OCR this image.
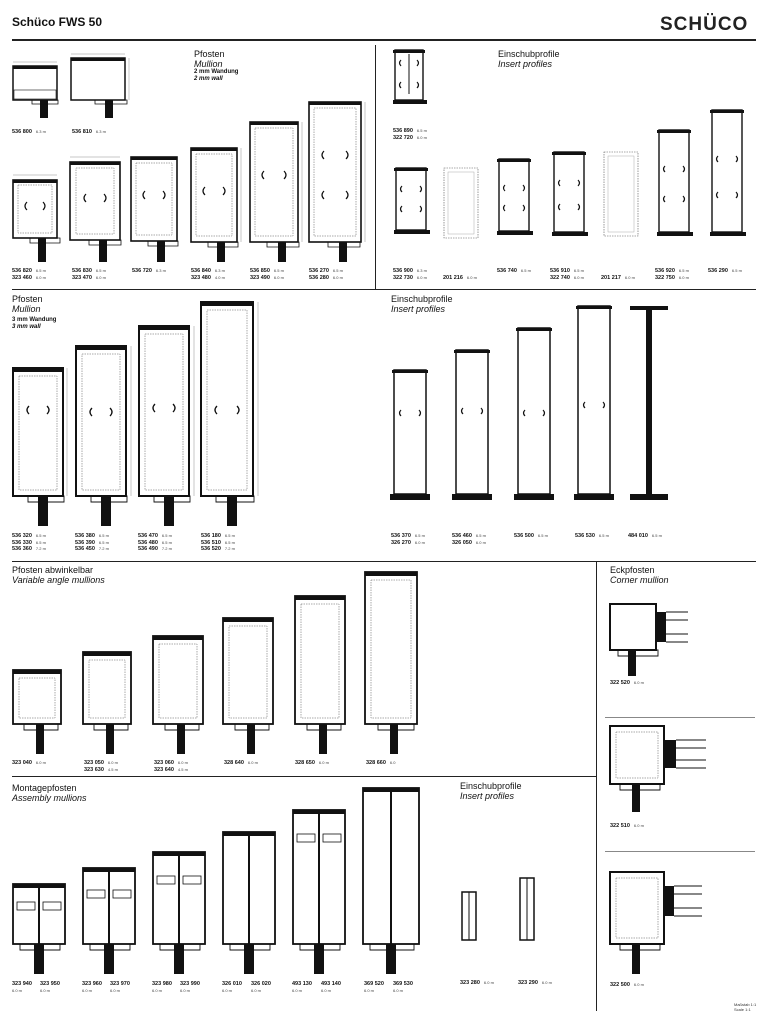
Schüco FWS 50	SCHÜCO
Pfosten
Mullion
2 mm Wandung
2 mm wall
Einschubprofile
Insert profiles
Pfosten
Mullion
3 mm Wandung
3 mm wall
Einschubprofile
Insert profiles
Pfosten abwinkelbar
Variable angle mullions
Eckpfosten
Corner mullion
Montagepfosten
Assembly mullions
Einschubprofile
Insert profiles
536 800 6.3 m	536 810 6.3 m
536 820 6.5 m
323 460 6.0 m
536 830 6.5 m
323 470 6.0 m
536 720 6.3 m	536 840 6.3 m
323 480 4.0 m
536 850 6.5 m
323 490 6.0 m
536 270 6.5 m
536 280 6.0 m
536 890 6.5 m
322 720 6.0 m
536 900 6.3 m
322 730 6.0 m	201 216 6.0 m
536 740 6.5 m	536 910 6.5 m
322 740 6.0 m	201 217 6.0 m
536 920 6.5 m
322 750 6.0 m
536 290 6.5 m
536 320 6.5 m
536 330 6.5 m
536 360 7.2 m
536 380 6.5 m
536 390 6.5 m
536 450 7.2 m
536 470 6.5 m
536 480 6.5 m
536 490 7.2 m
536 180 6.5 m
536 510 6.5 m
536 520 7.2 m
536 370 6.5 m
326 270 6.0 m
536 460 6.5 m
326 050 6.0 m
536 500 6.5 m	536 530 6.5 m	484 010 6.5 m
323 040 6.0 m	323 050 6.0 m
323 630 4.5 m
323 060 6.0 m
323 640 4.5 m
328 640 6.0 m	328 650 6.0 m	328 660 6.0
322 520 6.0 m
322 510 6.0 m
322 500 6.0 m
323 940
6.0 m
323 950
6.0 m
323 960
6.0 m
323 970
6.0 m
323 980
6.0 m
323 990
6.0 m
326 010
6.0 m
326 020
6.0 m
493 130
6.0 m
493 140
6.0 m
369 520
6.0 m
369 530
6.0 m
323 280 6.0 m	323 290 6.0 m
Maßstab 1:1
Scale 1:1
